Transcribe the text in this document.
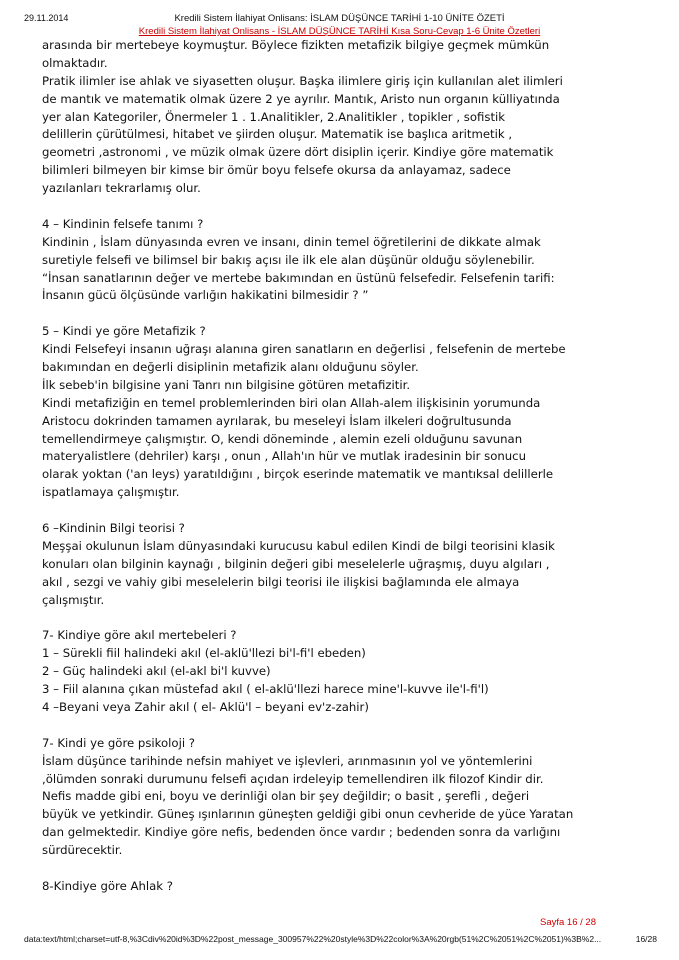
29.11.2014	Kredili Sistem İlahiyat Onlisans: İSLAM DÜŞÜNCE TARİHİ 1-10 ÜNİTE ÖZETİ
Kredili Sistem İlahiyat Onlisans - İSLAM DÜŞÜNCE TARİHİ Kısa Soru-Cevap 1-6 Ünite Özetleri
arasında bir mertebeye koymuştur. Böylece fizikten metafizik bilgiye geçmek mümkün
olmaktadır.
Pratik ilimler ise ahlak ve siyasetten oluşur. Başka ilimlere giriş için kullanılan alet ilimleri
de mantık ve matematik olmak üzere 2 ye ayrılır. Mantık, Aristo nun organın külliyatında
yer alan Kategoriler, Önermeler 1 . 1.Analitikler, 2.Analitikler , topikler , sofistik
delillerin çürütülmesi, hitabet ve şiirden oluşur. Matematik ise başlıca aritmetik ,
geometri ,astronomi , ve müzik olmak üzere dört disiplin içerir. Kindiye göre matematik
bilimleri bilmeyen bir kimse bir ömür boyu felsefe okursa da anlayamaz, sadece
yazılanları tekrarlamış olur.
4 – Kindinin felsefe tanımı ?
Kindinin , İslam dünyasında evren ve insanı, dinin temel öğretilerini de dikkate almak
suretiyle felsefi ve bilimsel bir bakış açısı ile ilk ele alan düşünür olduğu söylenebilir.
“İnsan sanatlarının değer ve mertebe bakımından en üstünü felsefedir. Felsefenin tarifi:
İnsanın gücü ölçüsünde varlığın hakikatini bilmesidir ? ”
5 – Kindi ye göre Metafizik ?
Kindi Felsefeyi insanın uğraşı alanına giren sanatların en değerlisi , felsefenin de mertebe
bakımından en değerli disiplinin metafizik alanı olduğunu söyler.
İlk sebeb'in bilgisine yani Tanrı nın bilgisine götüren metafizitir.
Kindi metafiziğin en temel problemlerinden biri olan Allah-alem ilişkisinin yorumunda
Aristocu dokrinden tamamen ayrılarak, bu meseleyi İslam ilkeleri doğrultusunda
temellendirmeye çalışmıştır. O, kendi döneminde , alemin ezeli olduğunu savunan
materyalistlere (dehriler) karşı , onun , Allah'ın hür ve mutlak iradesinin bir sonucu
olarak yoktan ('an leys) yaratıldığını , birçok eserinde matematik ve mantıksal delillerle
ispatlamaya çalışmıştır.
6 –Kindinin Bilgi teorisi ?
Meşşai okulunun İslam dünyasındaki kurucusu kabul edilen Kindi de bilgi teorisini klasik
konuları olan bilginin kaynağı , bilginin değeri gibi meselelerle uğraşmış, duyu algıları ,
akıl , sezgi ve vahiy gibi meselelerin bilgi teorisi ile ilişkisi bağlamında ele almaya
çalışmıştır.
7- Kindiye göre akıl mertebeleri ?
1 – Sürekli fiil halindeki akıl (el-aklü'llezi bi'l-fi'l ebeden)
2 – Güç halindeki akıl (el-akl bi'l kuvve)
3 – Fiil alanına çıkan müstefad akıl ( el-aklü'llezi harece mine'l-kuvve ile'l-fi'l)
4 –Beyani veya Zahir akıl ( el- Aklü'l – beyani ev'z-zahir)
7- Kindi ye göre psikoloji ?
İslam düşünce tarihinde nefsin mahiyet ve işlevleri, arınmasının yol ve yöntemlerini
,ölümden sonraki durumunu felsefi açıdan irdeleyip temellendiren ilk filozof Kindir dir.
Nefis madde gibi eni, boyu ve derinliği olan bir şey değildir; o basit , şerefli , değeri
büyük ve yetkindir. Güneş ışınlarının güneşten geldiği gibi onun cevheride de yüce Yaratan
dan gelmektedir. Kindiye göre nefis, bedenden önce vardır ; bedenden sonra da varlığını
sürdürecektir.
8-Kindiye göre Ahlak ?
Sayfa 16 / 28
data:text/html;charset=utf-8,%3Cdiv%20id%3D%22post_message_300957%22%20style%3D%22color%3A%20rgb(51%2C%2051%2C%2051)%3B%2...	16/28
